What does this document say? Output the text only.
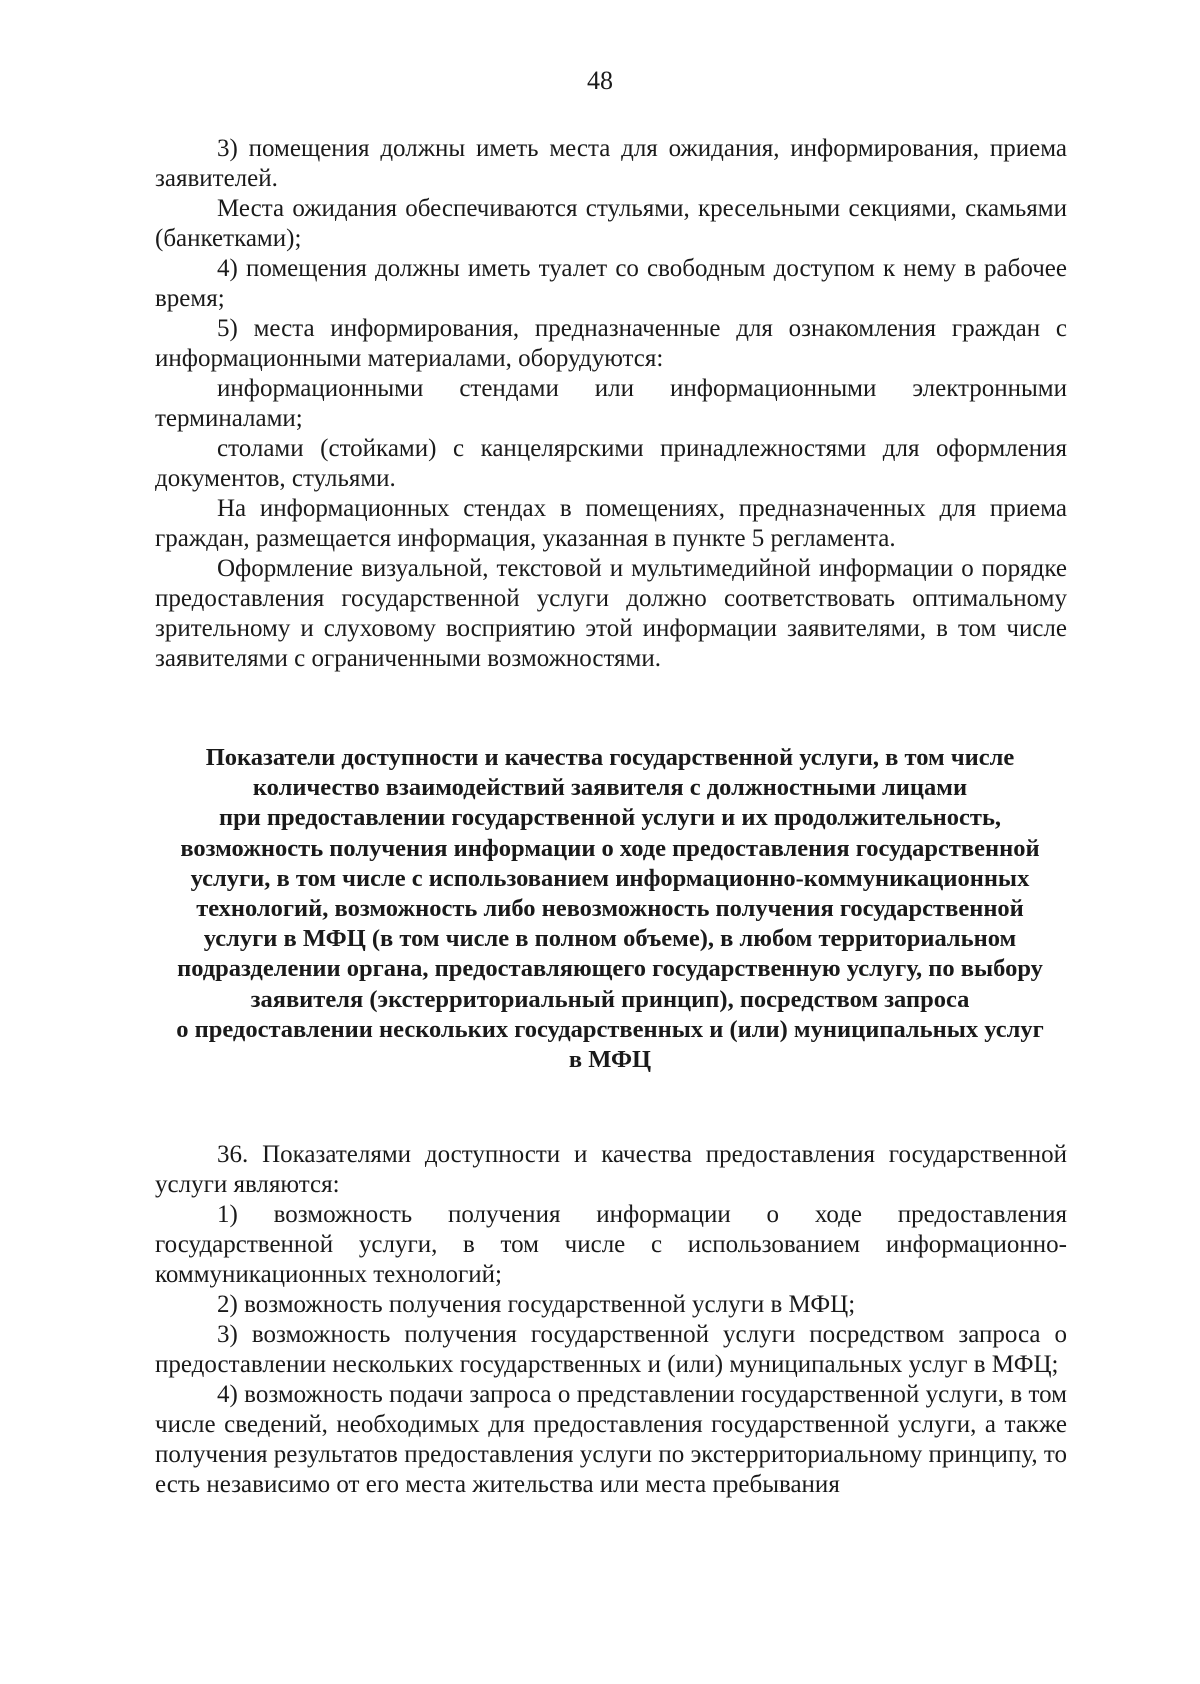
48

3) помещения должны иметь места для ожидания, информирования, приема заявителей.

Места ожидания обеспечиваются стульями, кресельными секциями, скамьями (банкетками);

4) помещения должны иметь туалет со свободным доступом к нему в рабочее время;

5) места информирования, предназначенные для ознакомления граждан с информационными материалами, оборудуются:

информационными стендами или информационными электронными терминалами;

столами (стойками) с канцелярскими принадлежностями для оформления документов, стульями.

На информационных стендах в помещениях, предназначенных для приема граждан, размещается информация, указанная в пункте 5 регламента.

Оформление визуальной, текстовой и мультимедийной информации о порядке предоставления государственной услуги должно соответствовать оптимальному зрительному и слуховому восприятию этой информации заявителями, в том числе заявителями с ограниченными возможностями.

Показатели доступности и качества государственной услуги, в том числе
количество взаимодействий заявителя с должностными лицами
при предоставлении государственной услуги и их продолжительность,
возможность получения информации о ходе предоставления государственной
услуги, в том числе с использованием информационно-коммуникационных
технологий, возможность либо невозможность получения государственной
услуги в МФЦ (в том числе в полном объеме), в любом территориальном
подразделении органа, предоставляющего государственную услугу, по выбору
заявителя (экстерриториальный принцип), посредством запроса
о предоставлении нескольких государственных и (или) муниципальных услуг
в МФЦ

36. Показателями доступности и качества предоставления государственной услуги являются:

1) возможность получения информации о ходе предоставления государственной услуги, в том числе с использованием информационно-коммуникационных технологий;

2) возможность получения государственной услуги в МФЦ;

3) возможность получения государственной услуги посредством запроса о предоставлении нескольких государственных и (или) муниципальных услуг в МФЦ;

4) возможность подачи запроса о представлении государственной услуги, в том числе сведений, необходимых для предоставления государственной услуги, а также получения результатов предоставления услуги по экстерриториальному принципу, то есть независимо от его места жительства или места пребывания
